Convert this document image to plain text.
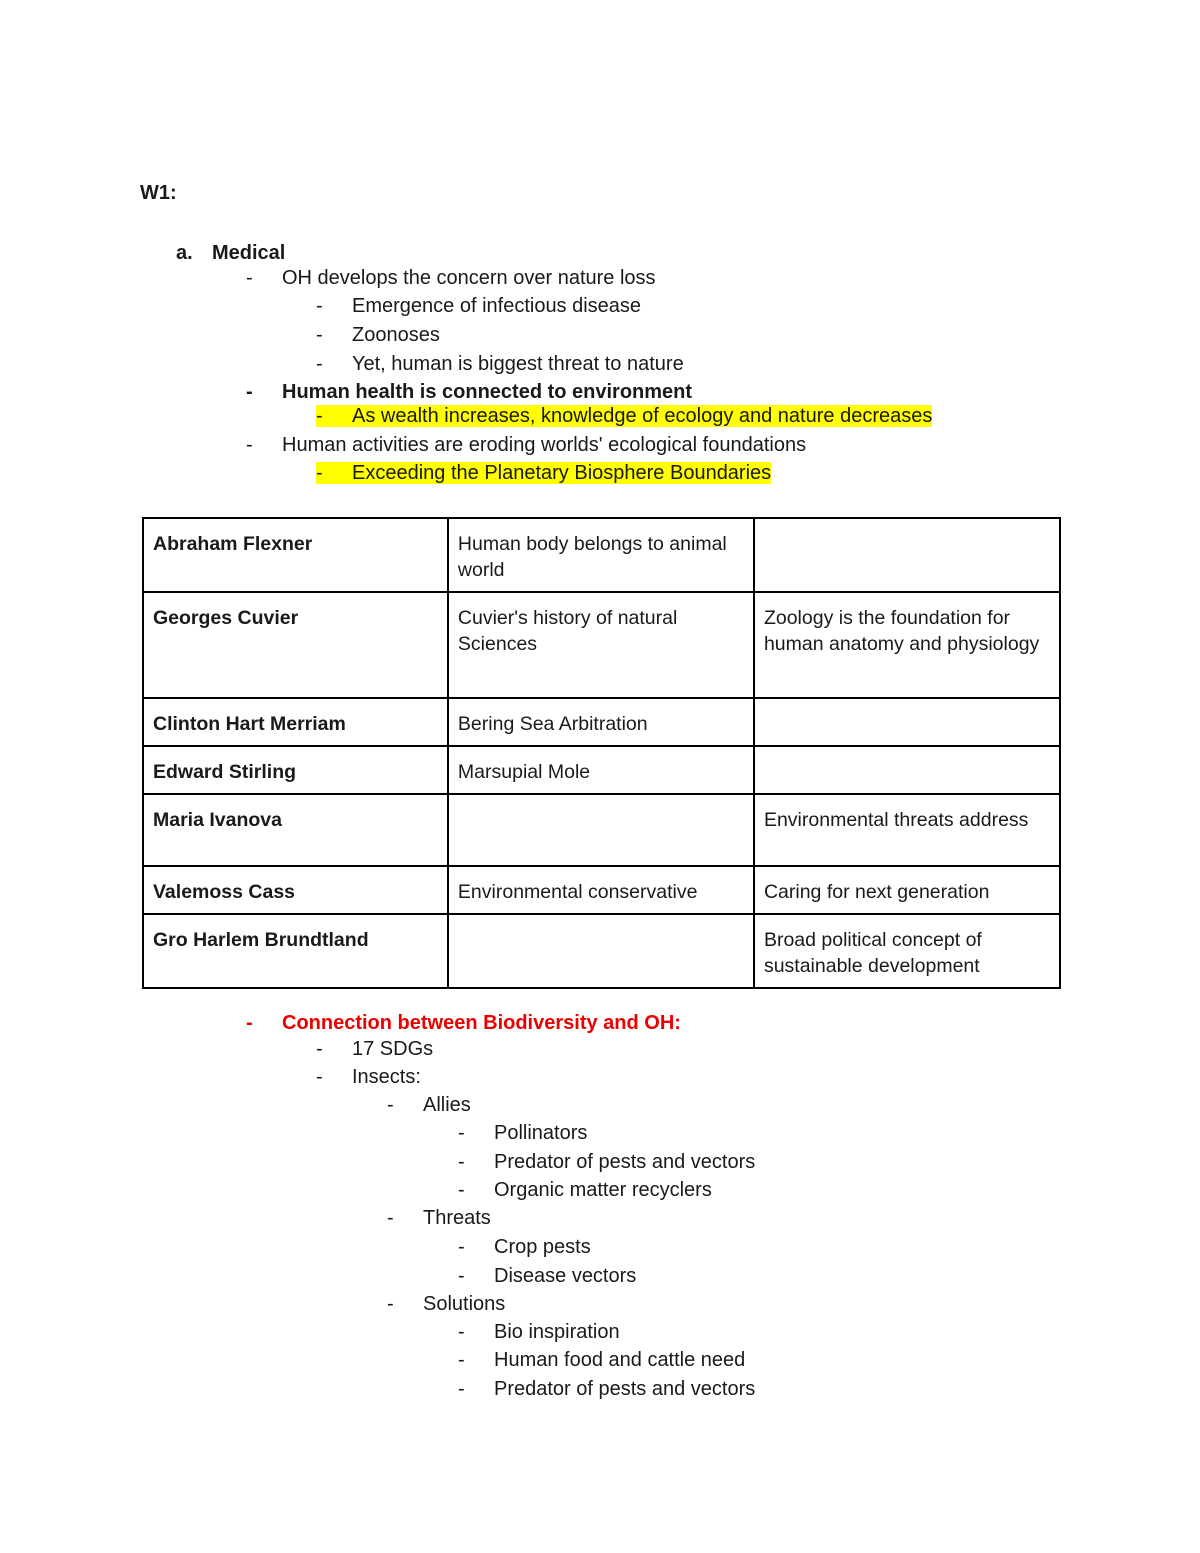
W1:
a. Medical
- OH develops the concern over nature loss
- Emergence of infectious disease
- Zoonoses
- Yet, human is biggest threat to nature
- Human health is connected to environment
- As wealth increases, knowledge of ecology and nature decreases
- Human activities are eroding worlds' ecological foundations
- Exceeding the Planetary Biosphere Boundaries
Abraham Flexner	Human body belongs to animal world	
Georges Cuvier	Cuvier's history of natural Sciences	Zoology is the foundation for human anatomy and physiology
Clinton Hart Merriam	Bering Sea Arbitration	
Edward Stirling	Marsupial Mole	
Maria Ivanova		Environmental threats address
Valemoss Cass	Environmental conservative	Caring for next generation
Gro Harlem Brundtland		Broad political concept of sustainable development
- Connection between Biodiversity and OH:
- 17 SDGs
- Insects:
- Allies
- Pollinators
- Predator of pests and vectors
- Organic matter recyclers
- Threats
- Crop pests
- Disease vectors
- Solutions
- Bio inspiration
- Human food and cattle need
- Predator of pests and vectors
